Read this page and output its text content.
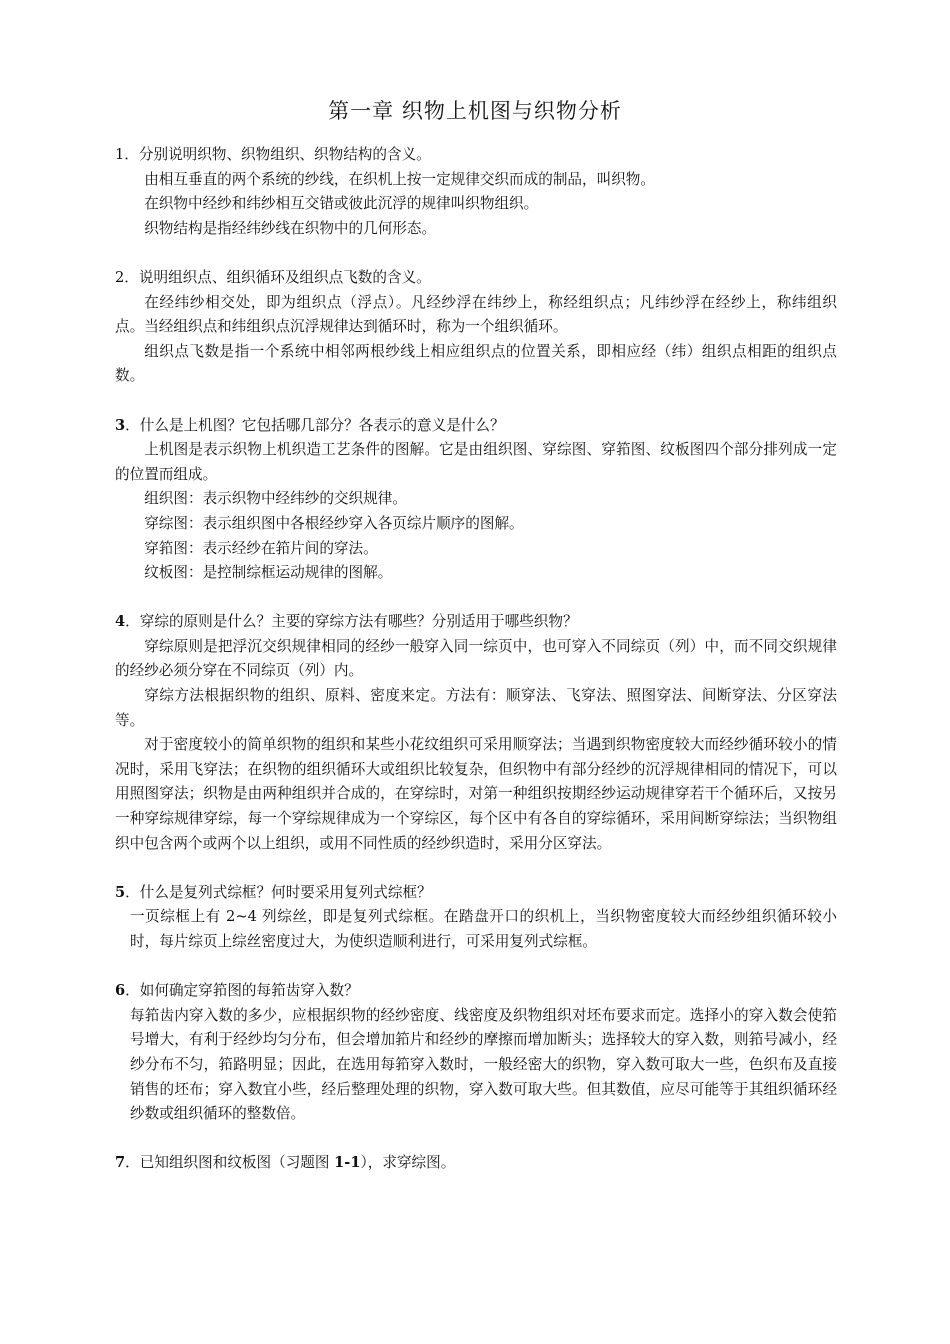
第一章 织物上机图与织物分析

1．分别说明织物、织物组织、织物结构的含义。

由相互垂直的两个系统的纱线，在织机上按一定规律交织而成的制品，叫织物。

在织物中经纱和纬纱相互交错或彼此沉浮的规律叫织物组织。

织物结构是指经纬纱线在织物中的几何形态。

2．说明组织点、组织循环及组织点飞数的含义。

在经纬纱相交处，即为组织点（浮点）。凡经纱浮在纬纱上，称经组织点；凡纬纱浮在经纱上，称纬组织点。当经组织点和纬组织点沉浮规律达到循环时，称为一个组织循环。

组织点飞数是指一个系统中相邻两根纱线上相应组织点的位置关系，即相应经（纬）组织点相距的组织点数。

3．什么是上机图？它包括哪几部分？各表示的意义是什么？

上机图是表示织物上机织造工艺条件的图解。它是由组织图、穿综图、穿筘图、纹板图四个部分排列成一定的位置而组成。

组织图：表示织物中经纬纱的交织规律。

穿综图：表示组织图中各根经纱穿入各页综片顺序的图解。

穿筘图：表示经纱在筘片间的穿法。

纹板图：是控制综框运动规律的图解。

4．穿综的原则是什么？主要的穿综方法有哪些？分别适用于哪些织物？

穿综原则是把浮沉交织规律相同的经纱一般穿入同一综页中，也可穿入不同综页（列）中，而不同交织规律的经纱必须分穿在不同综页（列）内。

穿综方法根据织物的组织、原料、密度来定。方法有：顺穿法、飞穿法、照图穿法、间断穿法、分区穿法等。

对于密度较小的简单织物的组织和某些小花纹组织可采用顺穿法；当遇到织物密度较大而经纱循环较小的情况时，采用飞穿法；在织物的组织循环大或组织比较复杂，但织物中有部分经纱的沉浮规律相同的情况下，可以用照图穿法；织物是由两种组织并合成的，在穿综时，对第一种组织按期经纱运动规律穿若干个循环后，又按另一种穿综规律穿综，每一个穿综规律成为一个穿综区，每个区中有各自的穿综循环，采用间断穿综法；当织物组织中包含两个或两个以上组织，或用不同性质的经纱织造时，采用分区穿法。

5．什么是复列式综框？何时要采用复列式综框？

一页综框上有 2~4 列综丝，即是复列式综框。在踏盘开口的织机上，当织物密度较大而经纱组织循环较小时，每片综页上综丝密度过大，为使织造顺利进行，可采用复列式综框。

6．如何确定穿筘图的每筘齿穿入数？

每筘齿内穿入数的多少，应根据织物的经纱密度、线密度及织物组织对坯布要求而定。选择小的穿入数会使筘号增大，有利于经纱均匀分布，但会增加筘片和经纱的摩擦而增加断头；选择较大的穿入数，则筘号减小，经纱分布不匀，筘路明显；因此，在选用每筘穿入数时，一般经密大的织物，穿入数可取大一些，色织布及直接销售的坯布；穿入数宜小些，经后整理处理的织物，穿入数可取大些。但其数值，应尽可能等于其组织循环经纱数或组织循环的整数倍。

7．已知组织图和纹板图（习题图 1-1），求穿综图。
